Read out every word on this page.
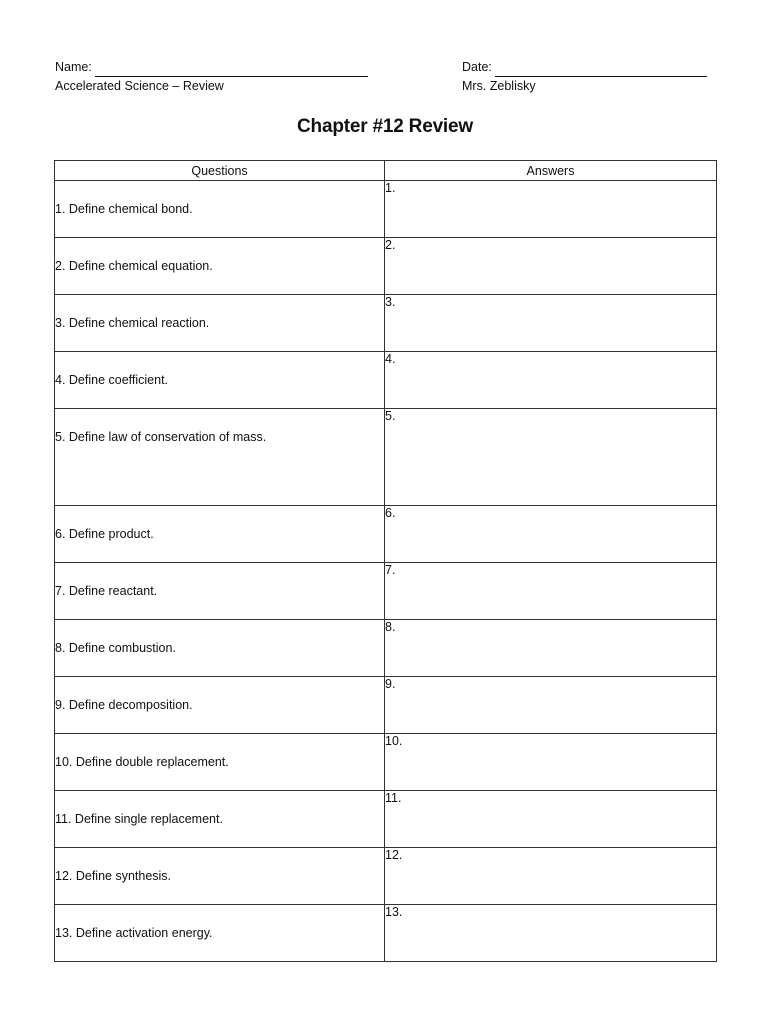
Name:
Accelerated Science – Review
Date:
Mrs. Zeblisky
Chapter #12 Review
Questions	Answers
1. Define chemical bond.	1.
2. Define chemical equation.	2.
3. Define chemical reaction.	3.
4. Define coefficient.	4.
5. Define law of conservation of mass.	5.
6. Define product.	6.
7. Define reactant.	7.
8. Define combustion.	8.
9. Define decomposition.	9.
10. Define double replacement.	10.
11. Define single replacement.	11.
12. Define synthesis.	12.
13. Define activation energy.	13.
